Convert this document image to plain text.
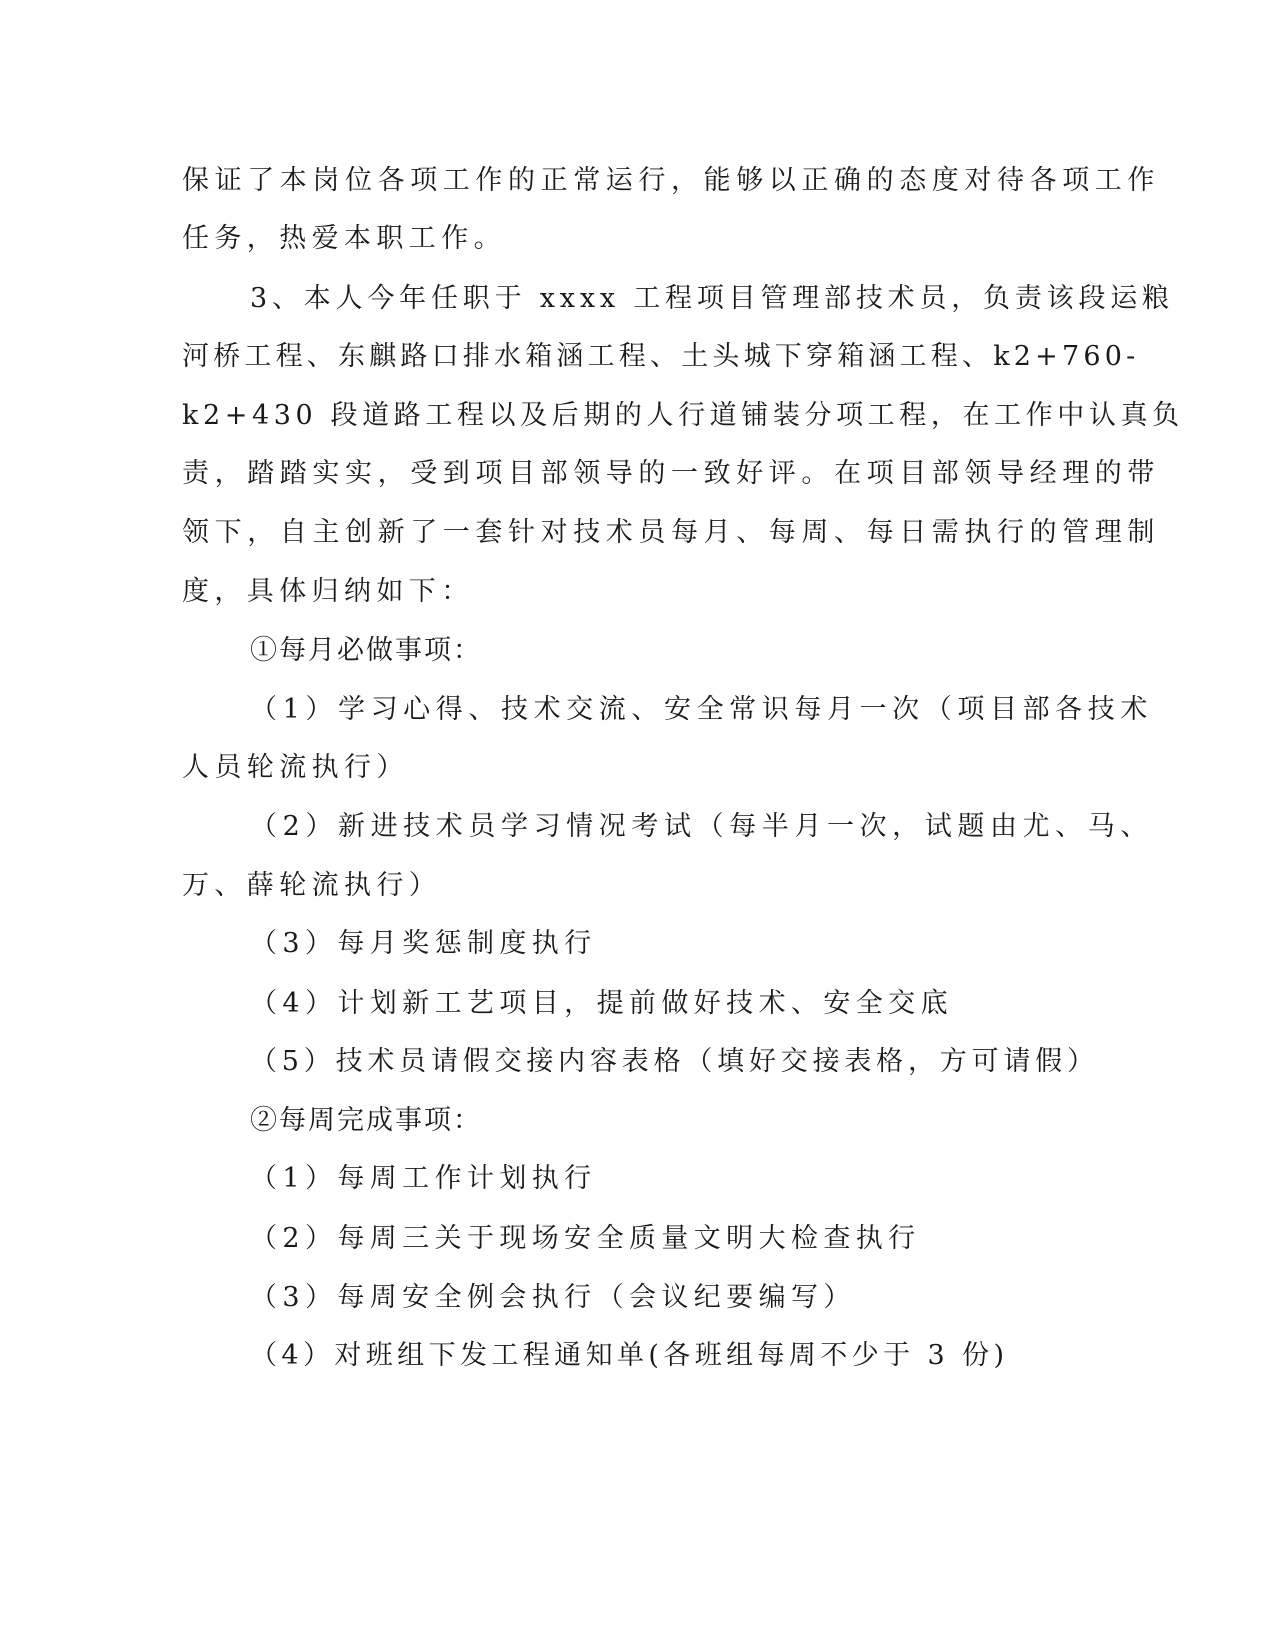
保证了本岗位各项工作的正常运行，能够以正确的态度对待各项工作
任务，热爱本职工作。
3、本人今年任职于 xxxx 工程项目管理部技术员，负责该段运粮
河桥工程、东麒路口排水箱涵工程、土头城下穿箱涵工程、k2+760-
k2+430 段道路工程以及后期的人行道铺装分项工程，在工作中认真负
责，踏踏实实，受到项目部领导的一致好评。在项目部领导经理的带
领下，自主创新了一套针对技术员每月、每周、每日需执行的管理制
度，具体归纳如下：
①每月必做事项：
（1）学习心得、技术交流、安全常识每月一次（项目部各技术
人员轮流执行）
（2）新进技术员学习情况考试（每半月一次，试题由尤、马、
万、薛轮流执行）
（3）每月奖惩制度执行
（4）计划新工艺项目，提前做好技术、安全交底
（5）技术员请假交接内容表格（填好交接表格，方可请假）
②每周完成事项：
（1）每周工作计划执行
（2）每周三关于现场安全质量文明大检查执行
（3）每周安全例会执行（会议纪要编写）
（4）对班组下发工程通知单(各班组每周不少于 3 份)
